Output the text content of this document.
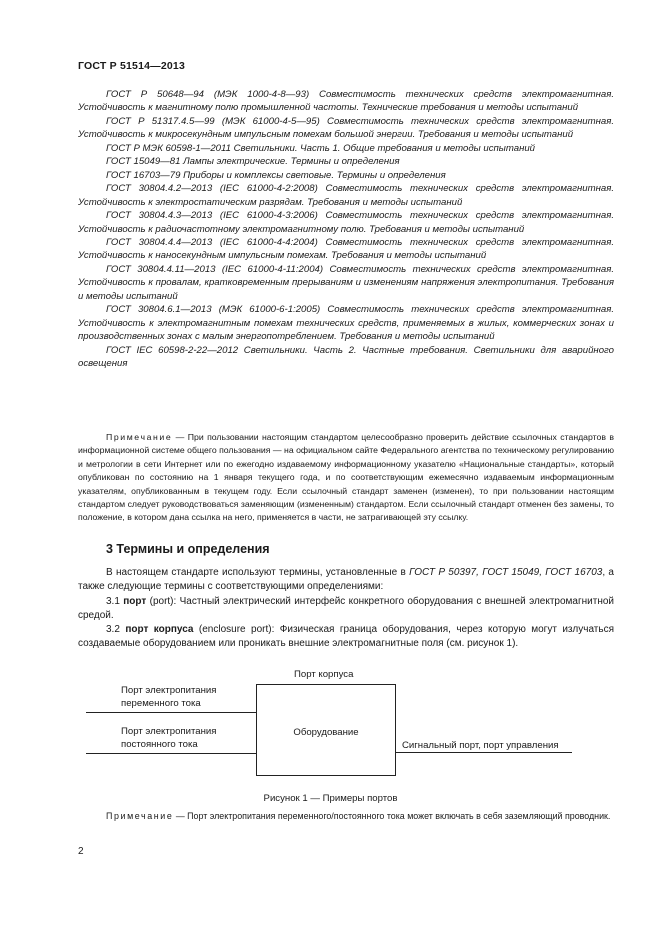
ГОСТ Р 51514—2013

ГОСТ Р 50648—94 (МЭК 1000-4-8—93) Совместимость технических средств электромагнитная. Устойчивость к магнитному полю промышленной частоты. Технические требования и методы испытаний

ГОСТ Р 51317.4.5—99 (МЭК 61000-4-5—95) Совместимость технических средств электромагнитная. Устойчивость к микросекундным импульсным помехам большой энергии. Требования и методы испытаний

ГОСТ Р МЭК 60598-1—2011 Светильники. Часть 1. Общие требования и методы испытаний

ГОСТ 15049—81 Лампы электрические. Термины и определения

ГОСТ 16703—79 Приборы и комплексы световые. Термины и определения

ГОСТ 30804.4.2—2013 (IEC 61000-4-2:2008) Совместимость технических средств электромагнитная. Устойчивость к электростатическим разрядам. Требования и методы испытаний

ГОСТ 30804.4.3—2013 (IEC 61000-4-3:2006) Совместимость технических средств электромагнитная. Устойчивость к радиочастотному электромагнитному полю. Требования и методы испытаний

ГОСТ 30804.4.4—2013 (IEC 61000-4-4:2004) Совместимость технических средств электромагнитная. Устойчивость к наносекундным импульсным помехам. Требования и методы испытаний

ГОСТ 30804.4.11—2013 (IEC 61000-4-11:2004) Совместимость технических средств электромагнитная. Устойчивость к провалам, кратковременным прерываниям и изменениям напряжения электропитания. Требования и методы испытаний

ГОСТ 30804.6.1—2013 (МЭК 61000-6-1:2005) Совместимость технических средств электромагнитная. Устойчивость к электромагнитным помехам технических средств, применяемых в жилых, коммерческих зонах и производственных зонах с малым энергопотреблением. Требования и методы испытаний

ГОСТ IEC 60598-2-22—2012 Светильники. Часть 2. Частные требования. Светильники для аварийного освещения

Примечание — При пользовании настоящим стандартом целесообразно проверить действие ссылочных стандартов в информационной системе общего пользования — на официальном сайте Федерального агентства по техническому регулированию и метрологии в сети Интернет или по ежегодно издаваемому информационному указателю «Национальные стандарты», который опубликован по состоянию на 1 января текущего года, и по соответствующим ежемесячно издаваемым информационным указателям, опубликованным в текущем году. Если ссылочный стандарт заменен (изменен), то при пользовании настоящим стандартом следует руководствоваться заменяющим (измененным) стандартом. Если ссылочный стандарт отменен без замены, то положение, в котором дана ссылка на него, применяется в части, не затрагивающей эту ссылку.

3 Термины и определения

В настоящем стандарте используют термины, установленные в ГОСТ Р 50397, ГОСТ 15049, ГОСТ 16703, а также следующие термины с соответствующими определениями:

3.1 порт (port): Частный электрический интерфейс конкретного оборудования с внешней электромагнитной средой.

3.2 порт корпуса (enclosure port): Физическая граница оборудования, через которую могут излучаться создаваемые оборудованием или проникать внешние электромагнитные поля (см. рисунок 1).

Порт корпуса
Оборудование
Порт электропитания переменного тока
Порт электропитания постоянного тока	Сигнальный порт, порт управления
Рисунок 1 — Примеры портов

Примечание — Порт электропитания переменного/постоянного тока может включать в себя заземляющий проводник.

2
